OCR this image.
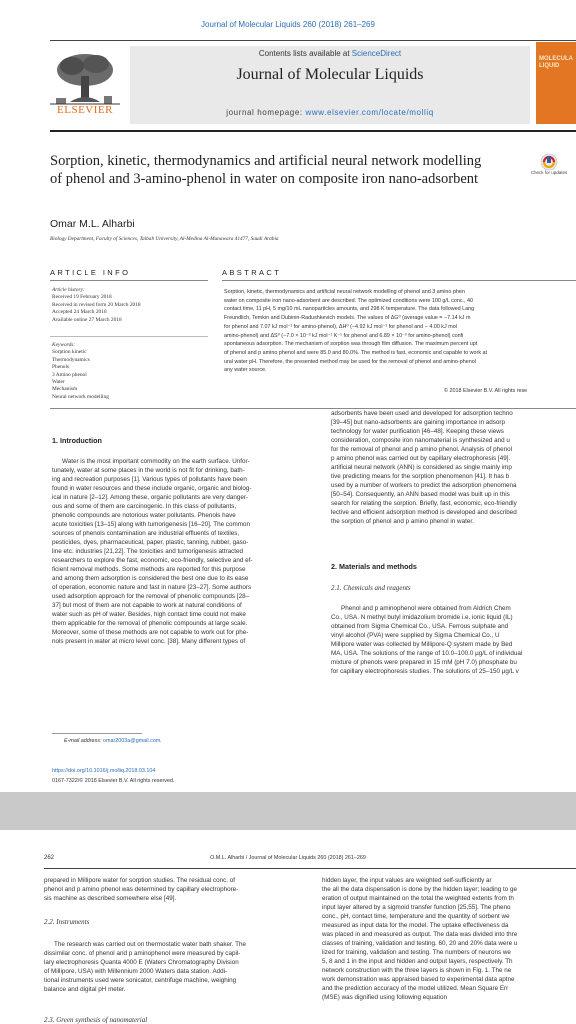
Journal of Molecular Liquids 260 (2018) 261–269
ELSEVIER
Contents lists available at ScienceDirect
Journal of Molecular Liquids
journal homepage: www.elsevier.com/locate/molliq
MOLECULA LIQUID
Sorption, kinetic, thermodynamics and artificial neural network modelling of phenol and 3-amino-phenol in water on composite iron nano-adsorbent	Check for updates
Omar M.L. Alharbi
Biology Department, Faculty of Sciences, Taibah University, Al-Medina Al-Munawara 41477, Saudi Arabia
ARTICLE INFO	ABSTRACT
Article history:
Received 19 February 2018
Received in revised form 20 March 2018
Accepted 24 March 2018
Available online 27 March 2018
Keywords:
Sorption kinetic
Thermodynamics
Phenols
3 Amino phenol
Water
Mechanism
Neural network modelling
Sorption, kinetic, thermodynamics and artificial neural network modelling of phenol and 3 amino phen
water on composite iron nano-adsorbent are described. The optimized conditions were 100 g/L conc., 40
contact time, 11 pH, 5 mg/10 mL nanoparticles amounts, and 298 K temperature. The data followed Lang
Freundlich, Temkin and Dubinin-Radushkevich models. The values of ΔG⁰ (average value = −7.14 kJ m
for phenol and 7.07 kJ mol⁻¹ for amino-phenol), ΔH⁰ (−4.92 kJ mol⁻¹ for phenol and − 4.00 kJ mol
amino-phenol) and ΔS⁰ (−7.0 × 10⁻³ kJ mol⁻¹ K⁻¹ for phenol and 6.89 × 10⁻³ for amino-phenol) confi
spontaneous adsorption. The mechanism of sorption was through film diffusion. The maximum percent upt
of phenol and p amino phenol and were 85.0 and 80.0%. The method is fast, economic and capable to work at
ural water pH. Therefore, the presented method may be used for the removal of phenol and amino-phenol
any water source.
© 2018 Elsevier B.V. All rights rese
1. Introduction

Water is the most important commodity on the earth surface. Unfor-

tunately, water at some places in the world is not fit for drinking, bath-

ing and recreation purposes [1]. Various types of pollutants have been

found in water resources and these include organic, organic and biolog-

ical in nature [2–12]. Among these, organic pollutants are very danger-

ous and some of them are carcinogenic. In this class of pollutants,

phenolic compounds are notorious water pollutants. Phenols have

acute toxicities [13–15] along with tumorigenesis [16–20]. The common

sources of phenols contamination are industrial effluents of textiles,

pesticides, dyes, pharmaceutical, paper, plastic, tanning, rubber, gaso-

line etc. industries [21,22]. The toxicities and tumorigenesis attracted

researchers to explore the fast, economic, eco-friendly, selective and ef-

ficient removal methods. Some methods are reported for this purpose

and among them adsorption is considered the best one due to its ease

of operation, economic nature and fast in nature [23–27]. Some authors

used adsorption approach for the removal of phenolic compounds [28–

37] but most of them are not capable to work at natural conditions of

water such as pH of water. Besides, high contact time could not make

them applicable for the removal of phenolic compounds at large scale.

Moreover, some of these methods are not capable to work out for phe-

nols present in water at micro level conc. [38]. Many different types of

adsorbents have been used and developed for adsorption techno

[39–45] but nano-adsorbents are gaining importance in adsorp

technology for water purification [46–48]. Keeping these views

consideration, composite iron nanomaterial is synthesized and u

for the removal of phenol and p amino phenol. Analysis of phenol

p amino phenol was carried out by capillary electrophoresis [49].

artificial neural network (ANN) is considered as single mainly imp

tive predicting means for the sorption phenomenon [41]. It has b

used by a number of workers to predict the adsorption phenomena

[50–54]. Consequently, an ANN based model was built up in this

search for relating the sorption. Briefly, fast, economic, eco-friendly

lective and efficient adsorption method is developed and described

the sorption of phenol and p amino phenol in water.

2. Materials and methods
2.1. Chemicals and reagents

Phenol and p aminophenol were obtained from Aldrich Chem

Co., USA. N methyl butyl imidazolium bromide i.e. ionic liquid (IL)

obtained from Sigma Chemical Co., USA. Ferrous sulphate and

vinyl alcohol (PVA) were supplied by Sigma Chemical Co., U

Millipore water was collected by Millipore-Q system made by Bed

MA, USA. The solutions of the range of 10.0–100.0 μg/L of individual

mixture of phenols were prepared in 15 mM (pH 7.0) phosphate bu

for capillary electrophoresis studies. The solutions of 25–150 μg/L v

E-mail address: omar2003a@gmail.com.
https://doi.org/10.1016/j.molliq.2018.03.104
0167-7322/© 2018 Elsevier B.V. All rights reserved.
262	O.M.L. Alharbi / Journal of Molecular Liquids 260 (2018) 261–269

prepared in Millipore water for sorption studies. The residual conc. of

phenol and p amino phenol was determined by capillary electrophore-

sis machine as described somewhere else [49].

2.2. Instruments

The research was carried out on thermostatic water bath shaker. The

dissimilar conc. of phenol and p aminophenol were measured by capil-

lary electrophoresis Quanta 4000 E (Waters Chromatography Division

of Millipore, USA) with Millennium 2000 Waters data station. Addi-

tional instruments used were sonicator, centrifuge machine, weighing

balance and digital pH meter.

2.3. Green synthesis of nanomaterial

hidden layer, the input values are weighted self-sufficiently ar

the all the data dispensation is done by the hidden layer; leading to ge

eration of output maintained on the total the weighted extents from th

input layer altered by a sigmoid transfer function [25,55]. The pheno

conc., pH, contact time, temperature and the quantity of sorbent we

measured as input data for the model. The uptake effectiveness da

was placed in and measured as output. The data was divided into thre

classes of training, validation and testing. 60, 20 and 20% data were u

lized for training, validation and testing. The numbers of neurons we

5, 8 and 1 in the input and hidden and output layers, respectively. Th

network construction with the three layers is shown in Fig. 1. The ne

work demonstration was appraised based to experimental data aptne

and the prediction accuracy of the model utilized. Mean Square Err

(MSE) was dignified using following equation
